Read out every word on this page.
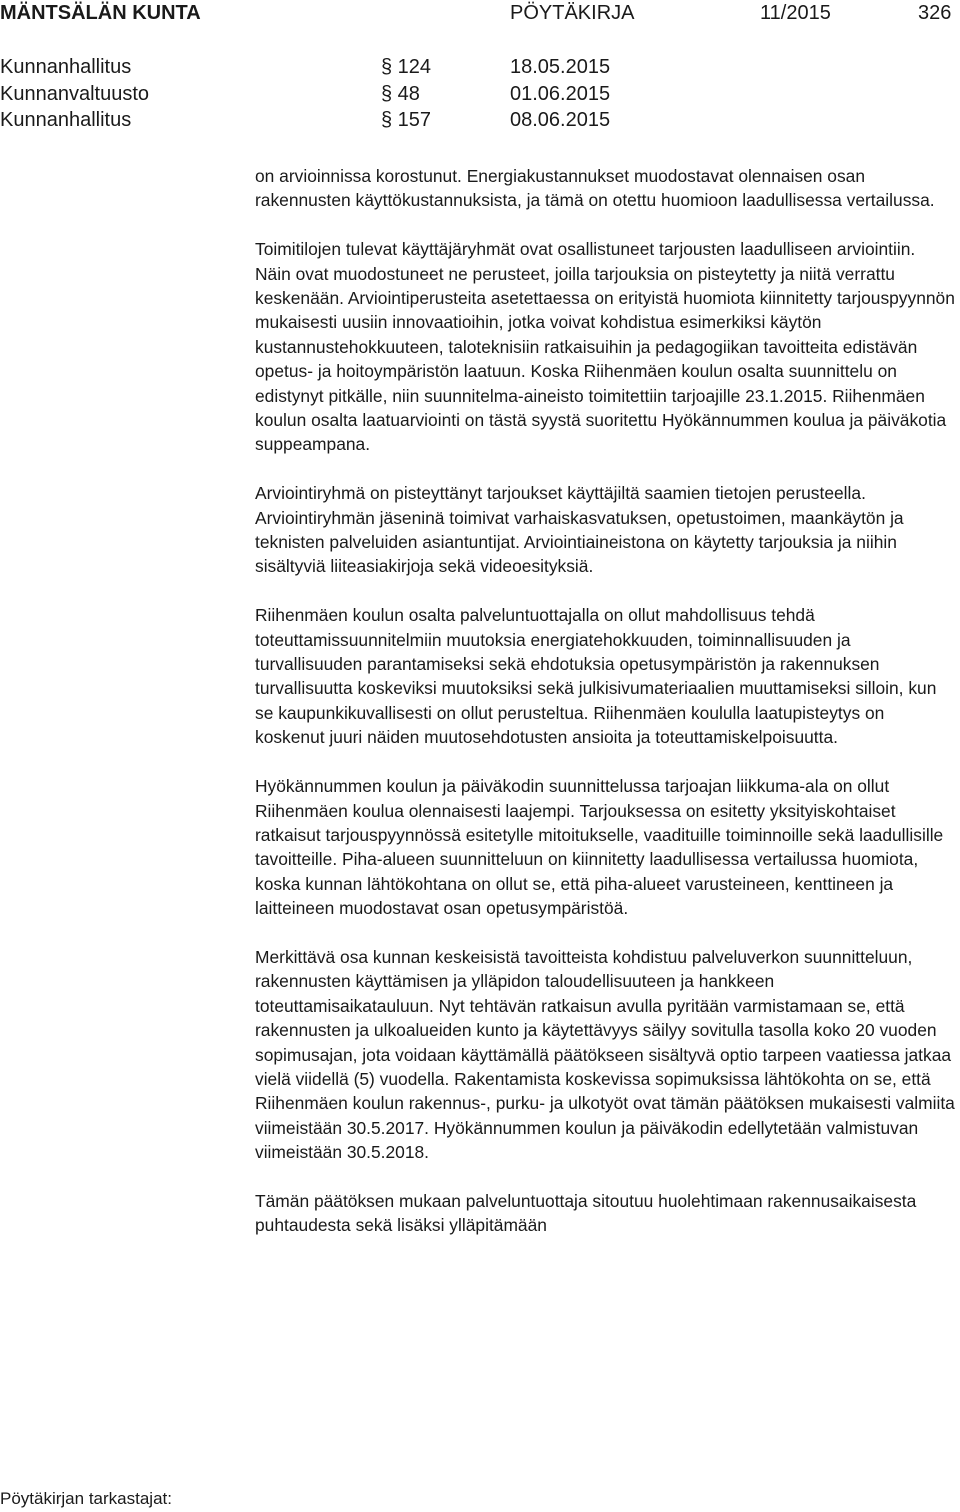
MÄNTSÄLÄN KUNTA	PÖYTÄKIRJA	11/2015	326
Kunnanhallitus	§ 124	18.05.2015
Kunnanvaltuusto	§ 48	01.06.2015
Kunnanhallitus	§ 157	08.06.2015

on arvioinnissa korostunut. Energiakustannukset muodostavat olennaisen osan rakennusten käyttökustannuksista, ja tämä on otettu huomioon laadullisessa vertailussa.

Toimitilojen tulevat käyttäjäryhmät ovat osallistuneet tarjousten laadulliseen arviointiin. Näin ovat muodostuneet ne perusteet, joilla tarjouksia on pisteytetty ja niitä verrattu keskenään. Arviointiperusteita asetettaessa on erityistä huomiota kiinnitetty tarjouspyynnön mukaisesti uusiin innovaatioihin, jotka voivat kohdistua esimerkiksi käytön kustannustehokkuuteen, taloteknisiin ratkaisuihin ja pedagogiikan tavoitteita edistävän opetus- ja hoitoympäristön laatuun. Koska Riihenmäen koulun osalta suunnittelu on edistynyt pitkälle, niin suunnitelma-aineisto toimitettiin tarjoajille 23.1.2015. Riihenmäen koulun osalta laatuarviointi on tästä syystä suoritettu Hyökännummen koulua ja päiväkotia suppeampana.

Arviointiryhmä on pisteyttänyt tarjoukset käyttäjiltä saamien tietojen perusteella. Arviointiryhmän jäseninä toimivat varhaiskasvatuksen, opetustoimen, maankäytön ja teknisten palveluiden asiantuntijat. Arviointiaineistona on käytetty tarjouksia ja niihin sisältyviä liiteasiakirjoja sekä videoesityksiä.

Riihenmäen koulun osalta palveluntuottajalla on ollut mahdollisuus tehdä toteuttamissuunnitelmiin muutoksia energiatehokkuuden, toiminnallisuuden ja turvallisuuden parantamiseksi sekä ehdotuksia opetusympäristön ja rakennuksen turvallisuutta koskeviksi muutoksiksi sekä julkisivumateriaalien muuttamiseksi silloin, kun se kaupunkikuvallisesti on ollut perusteltua. Riihenmäen koululla laatupisteytys on koskenut juuri näiden muutosehdotusten ansioita ja toteuttamiskelpoisuutta.

Hyökännummen koulun ja päiväkodin suunnittelussa tarjoajan liikkuma-ala on ollut Riihenmäen koulua olennaisesti laajempi. Tarjouksessa on esitetty yksityiskohtaiset ratkaisut tarjouspyynnössä esitetylle mitoitukselle, vaadituille toiminnoille sekä laadullisille tavoitteille. Piha-alueen suunnitteluun on kiinnitetty laadullisessa vertailussa huomiota, koska kunnan lähtökohtana on ollut se, että piha-alueet varusteineen, kenttineen ja laitteineen muodostavat osan opetusympäristöä.

Merkittävä osa kunnan keskeisistä tavoitteista kohdistuu palveluverkon suunnitteluun, rakennusten käyttämisen ja ylläpidon taloudellisuuteen ja hankkeen toteuttamisaikatauluun. Nyt tehtävän ratkaisun avulla pyritään varmistamaan se, että rakennusten ja ulkoalueiden kunto ja käytettävyys säilyy sovitulla tasolla koko 20 vuoden sopimusajan, jota voidaan käyttämällä päätökseen sisältyvä optio tarpeen vaatiessa jatkaa vielä viidellä (5) vuodella. Rakentamista koskevissa sopimuksissa lähtökohta on se, että Riihenmäen koulun rakennus-, purku- ja ulkotyöt ovat tämän päätöksen mukaisesti valmiita viimeistään 30.5.2017. Hyökännummen koulun ja päiväkodin edellytetään valmistuvan viimeistään 30.5.2018.

Tämän päätöksen mukaan palveluntuottaja sitoutuu huolehtimaan rakennusaikaisesta puhtaudesta sekä lisäksi ylläpitämään

Pöytäkirjan tarkastajat:
